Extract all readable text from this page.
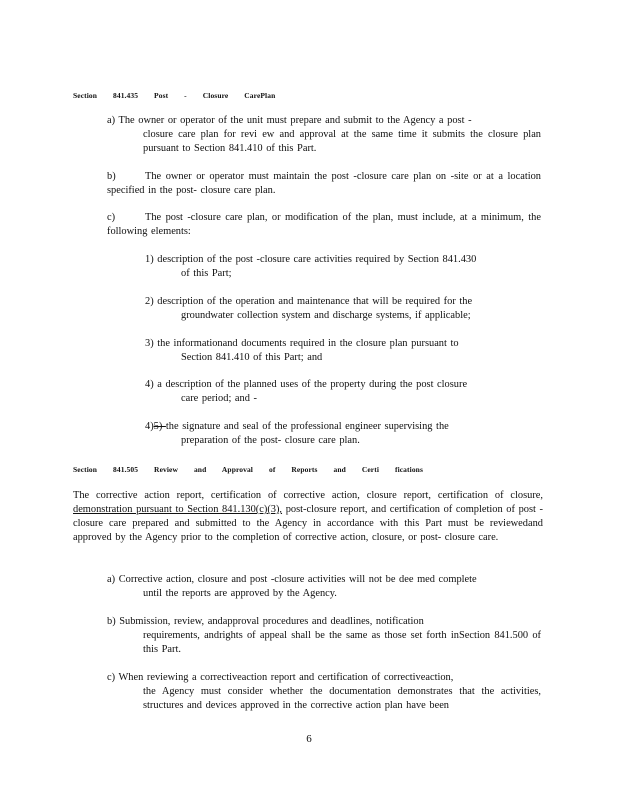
Section 841.435 Post - Closure CarePlan
a) The owner or operator of the unit must prepare and submit to the Agency a post -
closure care plan for revi ew and approval at the same time it submits the closure plan pursuant to Section 841.410 of this Part.
b)	The owner or operator must maintain the post -closure care plan on -site or at a location specified in the post- closure care plan.
c)	The post -closure care plan, or modification of the plan, must include, at a minimum, the following elements:
1) description of the post -closure care activities required by Section 841.430
of this Part;
2) description of the operation and maintenance that will be required for the
groundwater collection system and discharge systems, if applicable;
3) the informationand documents required in the closure plan pursuant to
Section 841.410 of this Part; and
4) a description of the planned uses of the property during the post closure
care period; and -
4)5) the signature and seal of the professional engineer supervising the
preparation of the post- closure care plan.
Section 841.505 Review and Approval of Reports and Certi fications
The corrective action report, certification of corrective action, closure report, certification of closure, demonstration pursuant to Section 841.130(c)(3), post-closure report, and certification of completion of post -closure care prepared and submitted to the Agency in accordance with this Part must be reviewedand approved by the Agency prior to the completion of corrective action, closure, or post- closure care.
a) Corrective action, closure and post -closure activities will not be dee med complete
until the reports are approved by the Agency.
b) Submission, review, andapproval procedures and deadlines, notification
requirements, andrights of appeal shall be the same as those set forth inSection 841.500 of this Part.
c) When reviewing a correctiveaction report and certification of correctiveaction,
the Agency must consider whether the documentation demonstrates that the activities, structures and devices approved in the corrective action plan have been
6
